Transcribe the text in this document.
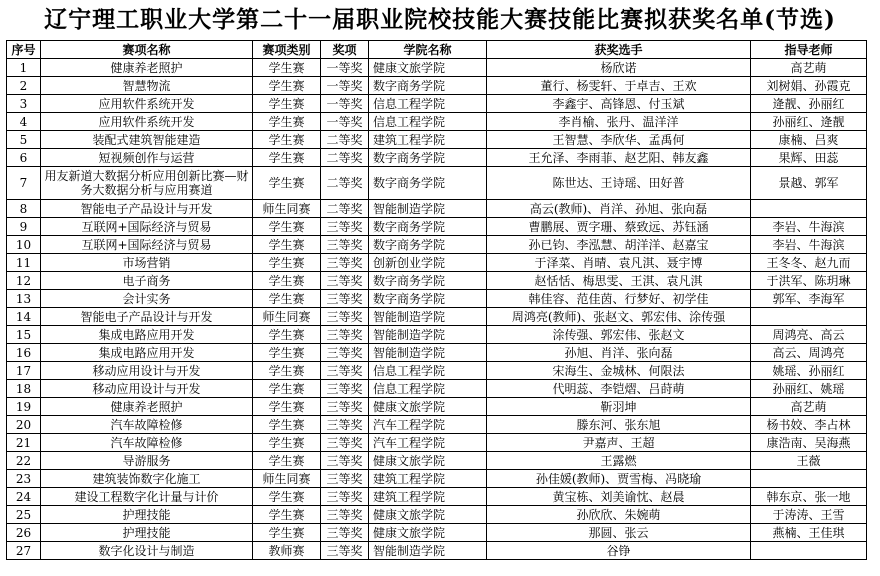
辽宁理工职业大学第二十一届职业院校技能大赛技能比赛拟获奖名单(节选)
序号	赛项名称	赛项类别	奖项	学院名称	获奖选手	指导老师
1	健康养老照护	学生赛	一等奖	健康文旅学院	杨欣诺	高艺萌
2	智慧物流	学生赛	一等奖	数字商务学院	董行、杨雯轩、于卓吉、王欢	刘树娟、孙霞克
3	应用软件系统开发	学生赛	一等奖	信息工程学院	李鑫宇、高锋恩、付玉斌	逄靓、孙丽红
4	应用软件系统开发	学生赛	一等奖	信息工程学院	李肖榆、张丹、温洋洋	孙丽红、逄靓
5	装配式建筑智能建造	学生赛	二等奖	建筑工程学院	王智慧、李欣华、孟禹何	康楠、吕爽
6	短视频创作与运营	学生赛	二等奖	数字商务学院	王允泽、李雨菲、赵艺阳、韩友鑫	果辉、田蕊
7	用友新道大数据分析应用创新比赛—财务大数据分析与应用赛道	学生赛	二等奖	数字商务学院	陈世达、王诗瑶、田好普	景越、郭军
8	智能电子产品设计与开发	师生同赛	二等奖	智能制造学院	高云(教师)、肖洋、孙旭、张向磊	
9	互联网+国际经济与贸易	学生赛	三等奖	数字商务学院	曹鹏展、贾字珊、蔡致远、苏钰涵	李岩、牛海滨
10	互联网+国际经济与贸易	学生赛	三等奖	数字商务学院	孙已钧、李泓慧、胡洋洋、赵嘉宝	李岩、牛海滨
11	市场营销	学生赛	三等奖	创新创业学院	于泽菜、肖晴、袁凡淇、聂宇博	王冬冬、赵九而
12	电子商务	学生赛	三等奖	数字商务学院	赵恬恬、梅思雯、王淇、袁凡淇	于洪军、陈玥琳
13	会计实务	学生赛	三等奖	数字商务学院	韩佳容、范佳茵、行梦好、初学佳	郭军、李海军
14	智能电子产品设计与开发	师生同赛	三等奖	智能制造学院	周鸿亮(教师)、张赵文、郭宏伟、涂传强	
15	集成电路应用开发	学生赛	三等奖	智能制造学院	涂传强、郭宏伟、张赵文	周鸿亮、高云
16	集成电路应用开发	学生赛	三等奖	智能制造学院	孙旭、肖洋、张向磊	高云、周鸿亮
17	移动应用设计与开发	学生赛	三等奖	信息工程学院	宋海生、金城林、何限法	姚瑶、孙丽红
18	移动应用设计与开发	学生赛	三等奖	信息工程学院	代明蕊、李铠熠、吕莳萌	孙丽红、姚瑶
19	健康养老照护	学生赛	三等奖	健康文旅学院	靳羽坤	高艺萌
20	汽车故障检修	学生赛	三等奖	汽车工程学院	滕东河、张东旭	杨书姣、李占林
21	汽车故障检修	学生赛	三等奖	汽车工程学院	尹嘉声、王超	康浩南、吴海燕
22	导游服务	学生赛	三等奖	健康文旅学院	王露燃	王薇
23	建筑装饰数字化施工	师生同赛	三等奖	建筑工程学院	孙佳媛(教师)、贾雪梅、冯晓瑜	
24	建设工程数字化计量与计价	学生赛	三等奖	建筑工程学院	黄宝栋、刘美谕忱、赵晨	韩东京、张一地
25	护理技能	学生赛	三等奖	健康文旅学院	孙欣欣、朱婉萌	于涛涛、王雪
26	护理技能	学生赛	三等奖	健康文旅学院	那圆、张云	燕楠、王佳琪
27	数字化设计与制造	教师赛	三等奖	智能制造学院	谷铮	
